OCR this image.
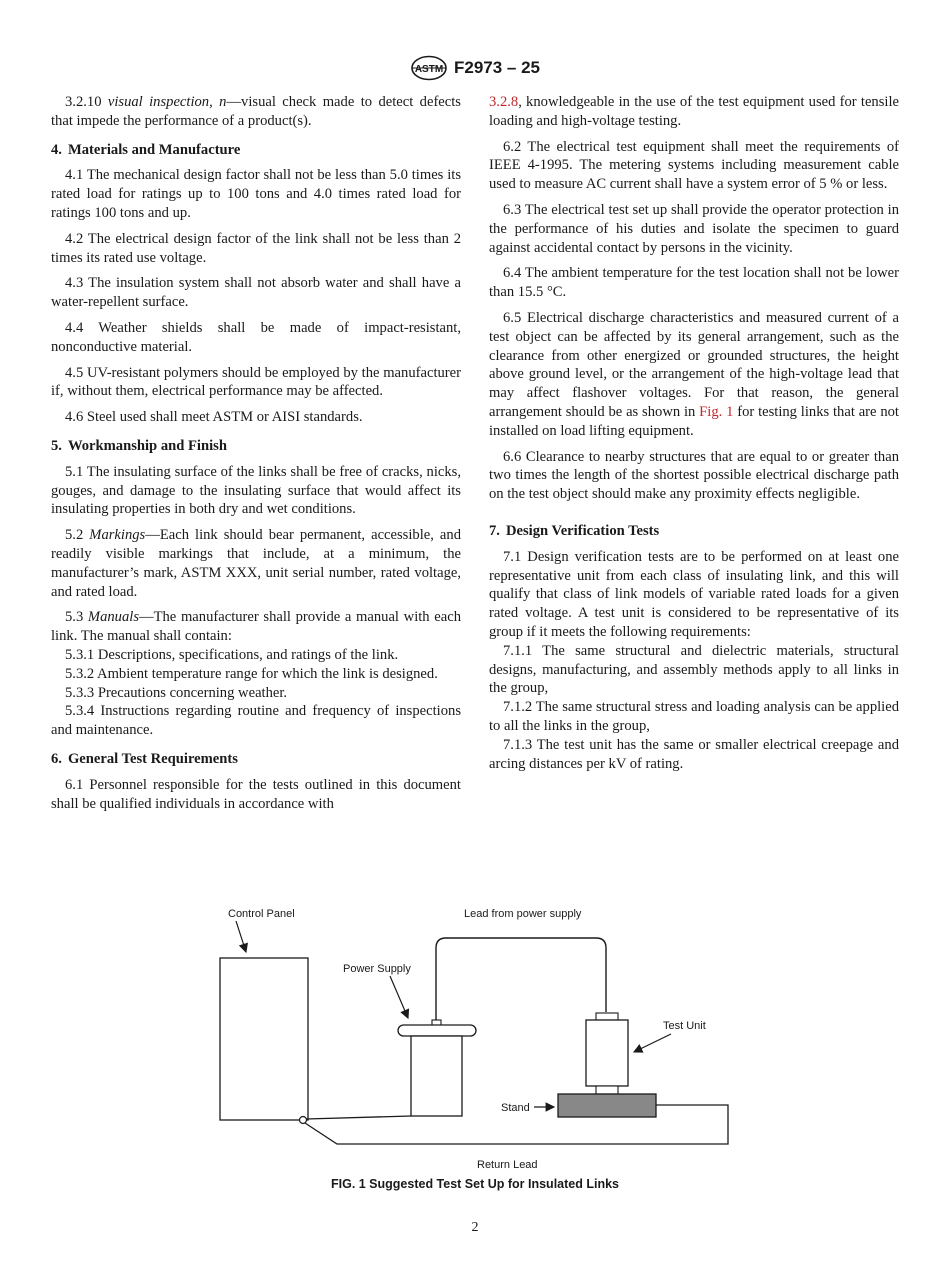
ASTM F2973 – 25

3.2.10 visual inspection, n—visual check made to detect defects that impede the performance of a product(s).

4. Materials and Manufacture

4.1 The mechanical design factor shall not be less than 5.0 times its rated load for ratings up to 100 tons and 4.0 times rated load for ratings 100 tons and up.

4.2 The electrical design factor of the link shall not be less than 2 times its rated use voltage.

4.3 The insulation system shall not absorb water and shall have a water-repellent surface.

4.4 Weather shields shall be made of impact-resistant, nonconductive material.

4.5 UV-resistant polymers should be employed by the manufacturer if, without them, electrical performance may be affected.

4.6 Steel used shall meet ASTM or AISI standards.

5. Workmanship and Finish

5.1 The insulating surface of the links shall be free of cracks, nicks, gouges, and damage to the insulating surface that would affect its insulating properties in both dry and wet conditions.

5.2 Markings—Each link should bear permanent, accessible, and readily visible markings that include, at a minimum, the manufacturer’s mark, ASTM XXX, unit serial number, rated voltage, and rated load.

5.3 Manuals—The manufacturer shall provide a manual with each link. The manual shall contain:

5.3.1 Descriptions, specifications, and ratings of the link.

5.3.2 Ambient temperature range for which the link is designed.

5.3.3 Precautions concerning weather.

5.3.4 Instructions regarding routine and frequency of inspections and maintenance.

6. General Test Requirements

6.1 Personnel responsible for the tests outlined in this document shall be qualified individuals in accordance with

3.2.8, knowledgeable in the use of the test equipment used for tensile loading and high-voltage testing.

6.2 The electrical test equipment shall meet the requirements of IEEE 4-1995. The metering systems including measurement cable used to measure AC current shall have a system error of 5 % or less.

6.3 The electrical test set up shall provide the operator protection in the performance of his duties and isolate the specimen to guard against accidental contact by persons in the vicinity.

6.4 The ambient temperature for the test location shall not be lower than 15.5 °C.

6.5 Electrical discharge characteristics and measured current of a test object can be affected by its general arrangement, such as the clearance from other energized or grounded structures, the height above ground level, or the arrangement of the high-voltage lead that may affect flashover voltages. For that reason, the general arrangement should be as shown in Fig. 1 for testing links that are not installed on load lifting equipment.

6.6 Clearance to nearby structures that are equal to or greater than two times the length of the shortest possible electrical discharge path on the test object should make any proximity effects negligible.

7. Design Verification Tests

7.1 Design verification tests are to be performed on at least one representative unit from each class of insulating link, and this will qualify that class of link models of variable rated loads for a given rated voltage. A test unit is considered to be representative of its group if it meets the following requirements:

7.1.1 The same structural and dielectric materials, structural designs, manufacturing, and assembly methods apply to all links in the group,

7.1.2 The same structural stress and loading analysis can be applied to all the links in the group,

7.1.3 The test unit has the same or smaller electrical creepage and arcing distances per kV of rating.

Control Panel	Lead from power supply
Power Supply
Test Unit
Stand
Return Lead
FIG. 1 Suggested Test Set Up for Insulated Links
2
